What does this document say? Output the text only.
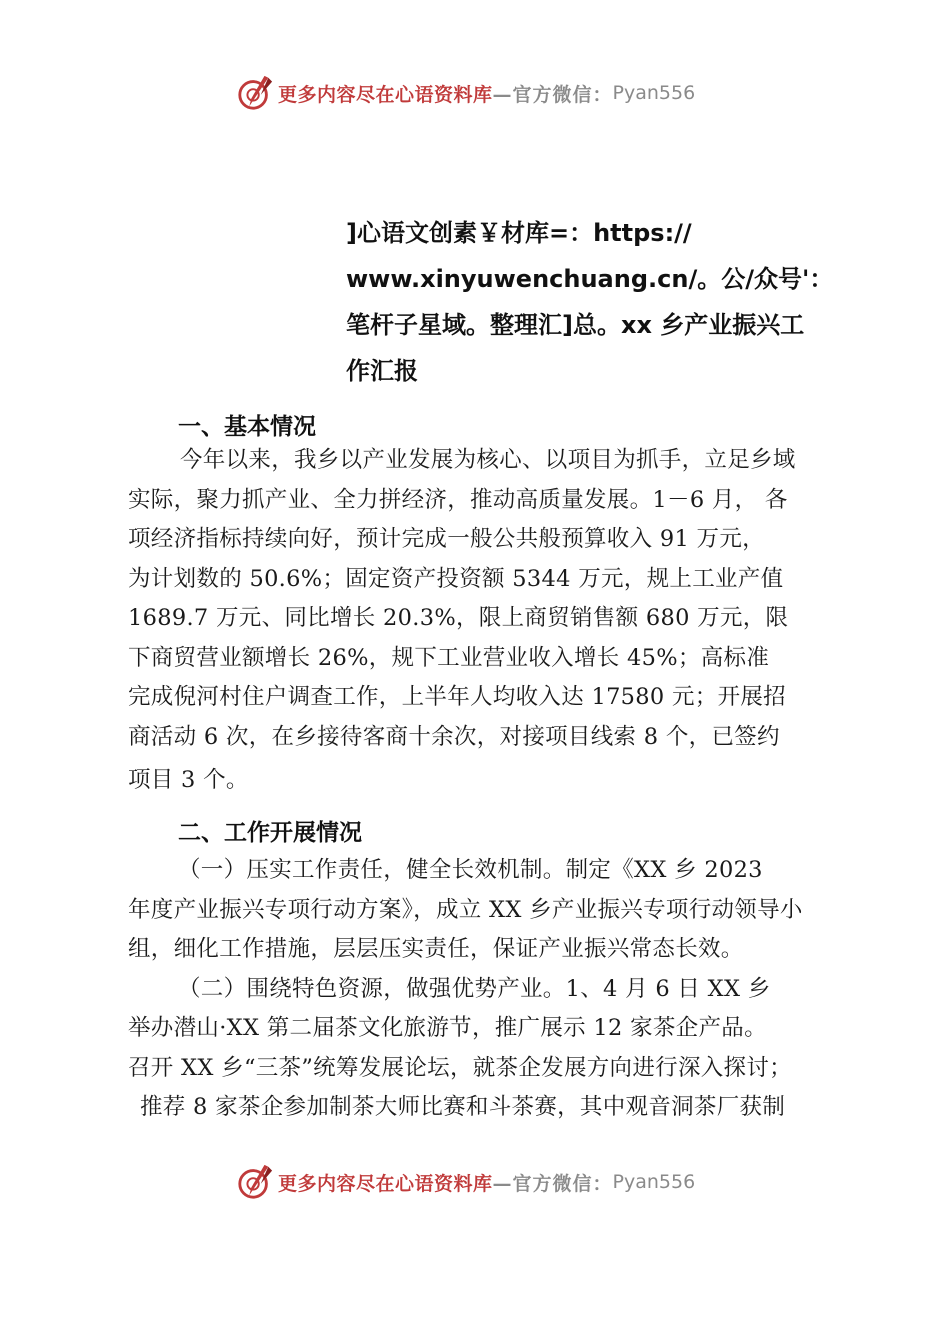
更多内容尽在心语资料库 —官方微信： Pyan556
]心语文创素￥材库=：https://
www.xinyuwenchuang.cn/。公/众号'：
笔杆子星域。整理汇]总。xx 乡产业振兴工
作汇报
一、基本情况
今年以来，我乡以产业发展为核心、以项目为抓手，立足乡域
实际，聚力抓产业、全力拼经济，推动高质量发展。1－6 月， 各
项经济指标持续向好，预计完成一般公共般预算收入 91 万元，
为计划数的 50.6%；固定资产投资额 5344 万元，规上工业产值
1689.7 万元、同比增长 20.3%，限上商贸销售额 680 万元，限
下商贸营业额增长 26%，规下工业营业收入增长 45%；高标准
完成倪河村住户调查工作，上半年人均收入达 17580 元；开展招
商活动 6 次，在乡接待客商十余次，对接项目线索 8 个，已签约
项目 3 个。
二、工作开展情况
（一）压实工作责任，健全长效机制。制定《XX 乡 2023
年度产业振兴专项行动方案》，成立 XX 乡产业振兴专项行动领导小
组，细化工作措施，层层压实责任，保证产业振兴常态长效。
（二）围绕特色资源，做强优势产业。1、4 月 6 日 XX 乡
举办潜山·XX 第二届茶文化旅游节，推广展示 12 家茶企产品。
召开 XX 乡“三茶”统筹发展论坛，就茶企发展方向进行深入探讨；
推荐 8 家茶企参加制茶大师比赛和斗茶赛，其中观音洞茶厂获制
更多内容尽在心语资料库 —官方微信： Pyan556
